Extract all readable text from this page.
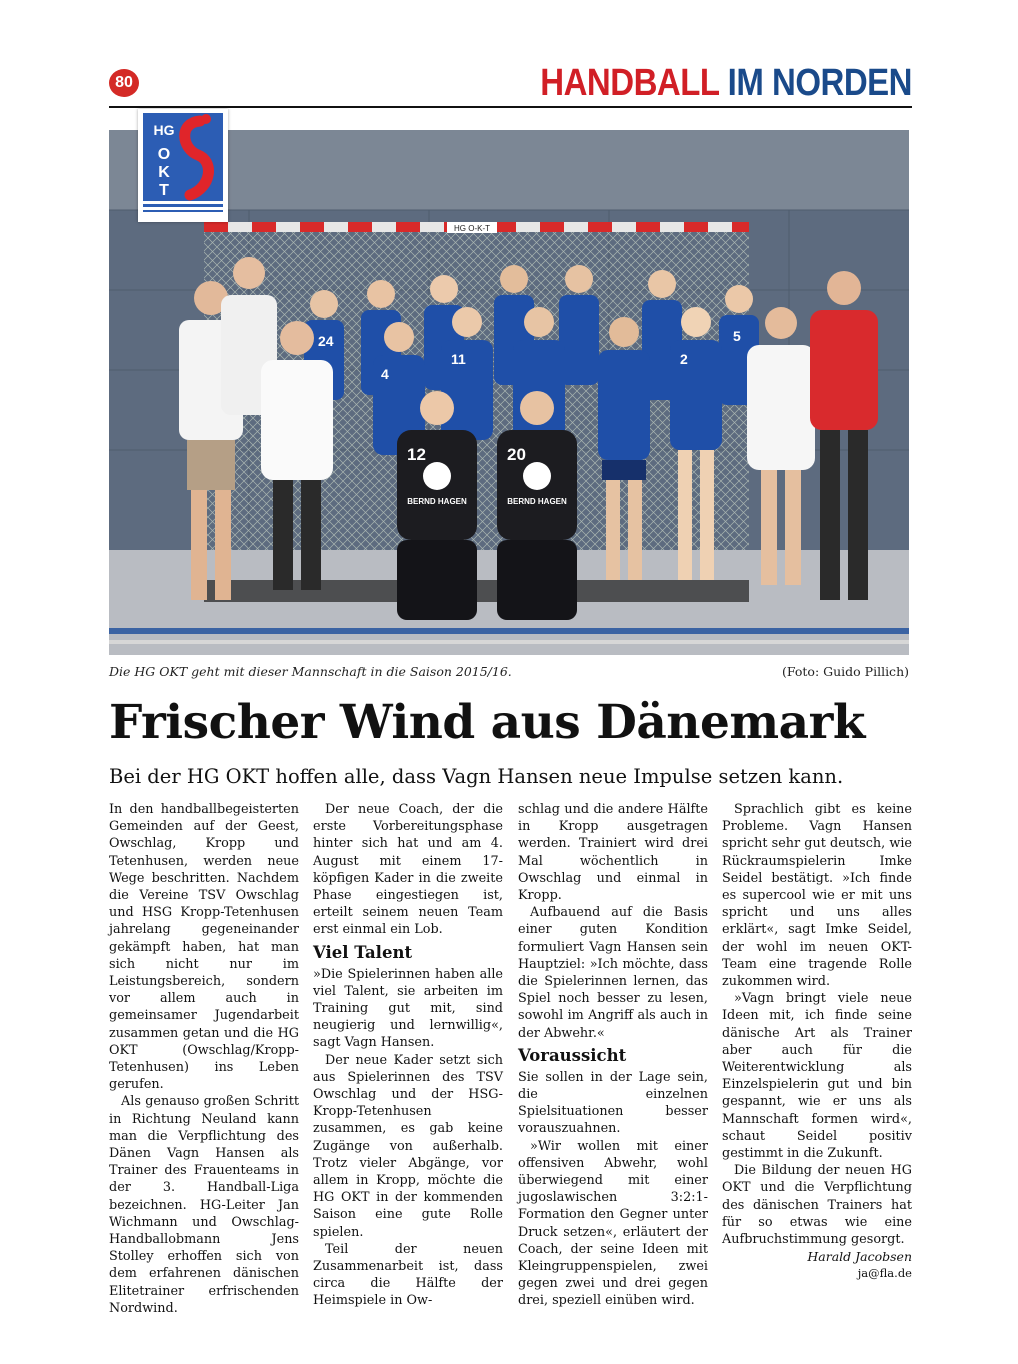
80	HANDBALL IM NORDEN
HG
O
K
T
HG O-K-T
24	5
4
11	2
12
BERND HAGEN
20
BERND HAGEN
Die HG OKT geht mit dieser Mannschaft in die Saison 2015/16.	(Foto: Guido Pillich)
Frischer Wind aus Dänemark
Bei der HG OKT hoffen alle, dass Vagn Hansen neue Impulse setzen kann.

In den handballbegeisterten Gemeinden auf der Geest, Owschlag, Kropp und Tetenhusen, werden neue Wege beschritten. Nachdem die Vereine TSV Owschlag und HSG Kropp-Tetenhusen jahrelang gegeneinander gekämpft haben, hat man sich nicht nur im Leistungsbereich, sondern vor allem auch in gemeinsamer Jugendarbeit zusammen getan und die HG OKT (Owschlag/Kropp-Tetenhusen) ins Leben gerufen.

Als genauso großen Schritt in Richtung Neuland kann man die Verpflichtung des Dänen Vagn Hansen als Trainer des Frauenteams in der 3. Handball-Liga bezeichnen. HG-Leiter Jan Wichmann und Owschlag-Handballobmann Jens Stolley erhoffen sich von dem erfahrenen dänischen Elitetrainer erfrischenden Nordwind.

Der neue Coach, der die erste Vorbereitungsphase hinter sich hat und am 4. August mit einem 17-köpfigen Kader in die zweite Phase eingestiegen ist, erteilt seinem neuen Team erst einmal ein Lob.

Viel Talent

»Die Spielerinnen haben alle viel Talent, sie arbeiten im Training gut mit, sind neugierig und lernwillig«, sagt Vagn Hansen.

Der neue Kader setzt sich aus Spielerinnen des TSV Owschlag und der HSG-Kropp-Tetenhusen zusammen, es gab keine Zugänge von außerhalb. Trotz vieler Abgänge, vor allem in Kropp, möchte die HG OKT in der kommenden Saison eine gute Rolle spielen.

Teil der neuen Zusammenarbeit ist, dass circa die Hälfte der Heimspiele in Ow-

schlag und die andere Hälfte in Kropp ausgetragen werden. Trainiert wird drei Mal wöchentlich in Owschlag und einmal in Kropp.

Aufbauend auf die Basis einer guten Kondition formuliert Vagn Hansen sein Hauptziel: »Ich möchte, dass die Spielerinnen lernen, das Spiel noch besser zu lesen, sowohl im Angriff als auch in der Abwehr.«

Voraussicht

Sie sollen in der Lage sein, die einzelnen Spielsituationen besser vorauszuahnen.

»Wir wollen mit einer offensiven Abwehr, wohl überwiegend mit einer jugoslawischen 3:2:1-Formation den Gegner unter Druck setzen«, erläutert der Coach, der seine Ideen mit Kleingruppenspielen, zwei gegen zwei und drei gegen drei, speziell einüben wird.

Sprachlich gibt es keine Probleme. Vagn Hansen spricht sehr gut deutsch, wie Rückraumspielerin Imke Seidel bestätigt. »Ich finde es supercool wie er mit uns spricht und uns alles erklärt«, sagt Imke Seidel, der wohl im neuen OKT-Team eine tragende Rolle zukommen wird.

»Vagn bringt viele neue Ideen mit, ich finde seine dänische Art als Trainer aber auch für die Weiterentwicklung als Einzelspielerin gut und bin gespannt, wie er uns als Mannschaft formen wird«, schaut Seidel positiv gestimmt in die Zukunft.

Die Bildung der neuen HG OKT und die Verpflichtung des dänischen Trainers hat für so etwas wie eine Aufbruchstimmung gesorgt.

Harald Jacobsen
ja@fla.de
